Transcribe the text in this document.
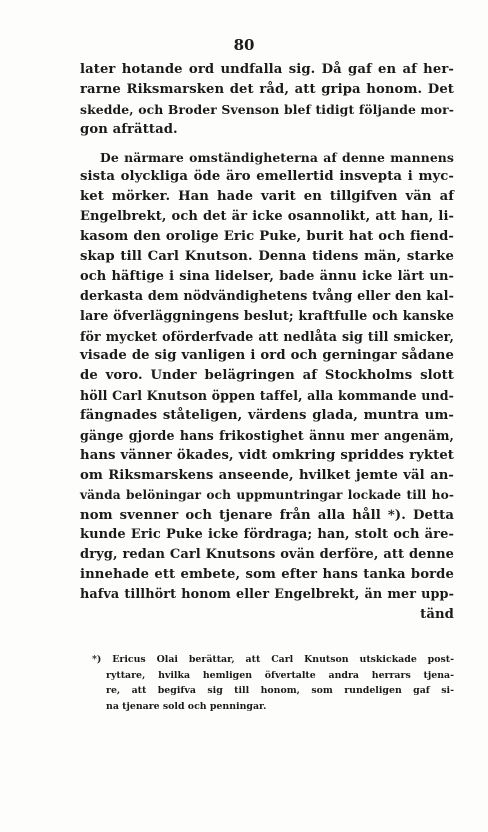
80
later hotande ord undfalla sig. Då gaf en af her-
rarne Riksmarsken det råd, att gripa honom. Det
skedde, och Broder Svenson blef tidigt följande mor-
gon afrättad.
De närmare omständigheterna af denne mannens
sista olyckliga öde äro emellertid insvepta i myc-
ket mörker. Han hade varit en tillgifven vän af
Engelbrekt, och det är icke osannolikt, att han, li-
kasom den orolige Eric Puke, burit hat och fiend-
skap till Carl Knutson. Denna tidens män, starke
och häftige i sina lidelser, bade ännu icke lärt un-
derkasta dem nödvändighetens tvång eller den kal-
lare öfverläggningens beslut; kraftfulle och kanske
för mycket oförderfvade att nedlåta sig till smicker,
visade de sig vanligen i ord och gerningar sådane
de voro. Under belägringen af Stockholms slott
höll Carl Knutson öppen taffel, alla kommande und-
fängnades ståteligen, värdens glada, muntra um-
gänge gjorde hans frikostighet ännu mer angenäm,
hans vänner ökades, vidt omkring spriddes ryktet
om Riksmarskens anseende, hvilket jemte väl an-
vända belöningar och uppmuntringar lockade till ho-
nom svenner och tjenare från alla håll *). Detta
kunde Eric Puke icke fördraga; han, stolt och äre-
dryg, redan Carl Knutsons ovän derföre, att denne
innehade ett embete, som efter hans tanka borde
hafva tillhört honom eller Engelbrekt, än mer upp-
tänd
*) Ericus Olai berättar, att Carl Knutson utskickade post-
ryttare, hvilka hemligen öfvertalte andra herrars tjena-
re, att begifva sig till honom, som rundeligen gaf si-
na tjenare sold och penningar.
